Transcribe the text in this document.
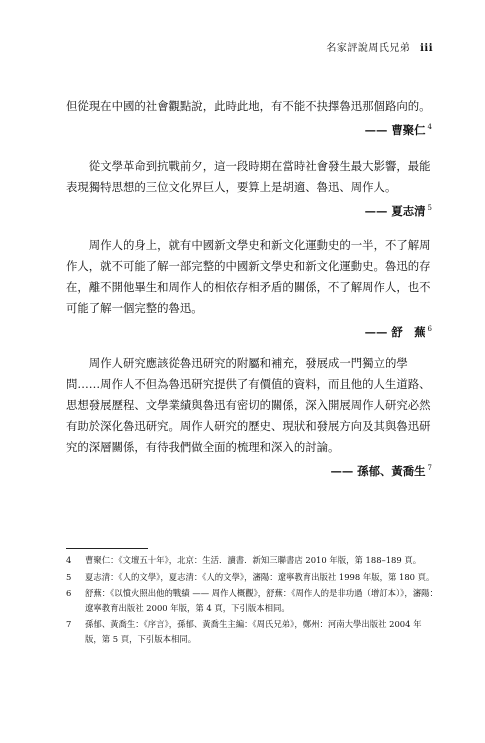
名家評說周氏兄弟 iii

但從現在中國的社會觀點說，此時此地，有不能不抉擇魯迅那個路向的。

—— 曹聚仁 $^4$

從文學革命到抗戰前夕，這一段時期在當時社會發生最大影響，最能表現獨特思想的三位文化界巨人，要算上是胡適、魯迅、周作人。

—— 夏志清 $^5$

周作人的身上，就有中國新文學史和新文化運動史的一半，不了解周作人，就不可能了解一部完整的中國新文學史和新文化運動史。魯迅的存在，離不開他畢生和周作人的相依存相矛盾的關係，不了解周作人，也不可能了解一個完整的魯迅。

—— 舒　蕪 $^6$

周作人研究應該從魯迅研究的附屬和補充，發展成一門獨立的學問……周作人不但為魯迅研究提供了有價值的資料，而且他的人生道路、思想發展歷程、文學業績與魯迅有密切的關係，深入開展周作人研究必然有助於深化魯迅研究。周作人研究的歷史、現狀和發展方向及其與魯迅研究的深層關係，有待我們做全面的梳理和深入的討論。

—— 孫郁、黃喬生 $^7$
4	曹聚仁：《文壇五十年》，北京：生活．讀書．新知三聯書店 2010 年版，第 188–189 頁。
5	夏志清：《人的文學》，夏志清：《人的文學》，瀋陽：遼寧教育出版社 1998 年版，第 180 頁。
6	舒蕪：《以憤火照出他的戰績 —— 周作人概觀》，舒蕪：《周作人的是非功過（增訂本）》，瀋陽：遼寧教育出版社 2000 年版，第 4 頁，下引版本相同。
7	孫郁、黃喬生：《序言》，孫郁、黃喬生主編：《周氏兄弟》，鄭州：河南大學出版社 2004 年版，第 5 頁，下引版本相同。
